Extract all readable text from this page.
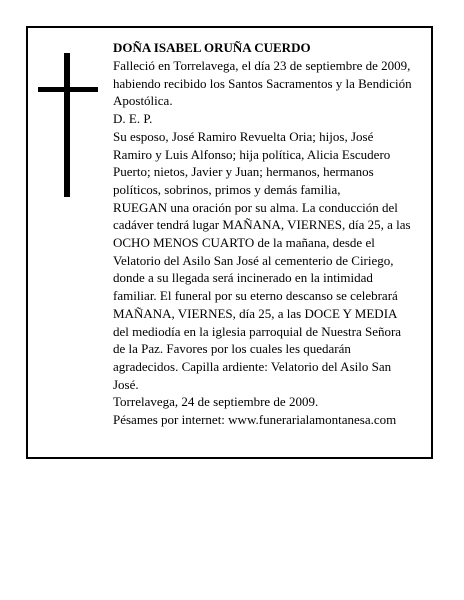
DOÑA ISABEL ORUÑA CUERDO

Falleció en Torrelavega, el día 23 de septiembre de 2009, habiendo recibido los Santos Sacramentos y la Bendición Apostólica.

D. E. P.

Su esposo, José Ramiro Revuelta Oria; hijos, José Ramiro y Luis Alfonso; hija política, Alicia Escudero Puerto; nietos, Javier y Juan; hermanos, hermanos políticos, sobrinos, primos y demás familia,

RUEGAN una oración por su alma. La conducción del cadáver tendrá lugar MAÑANA, VIERNES, día 25, a las OCHO MENOS CUARTO de la mañana, desde el Velatorio del Asilo San José al cementerio de Ciriego, donde a su llegada será incinerado en la intimidad familiar. El funeral por su eterno descanso se celebrará MAÑANA, VIERNES, día 25, a las DOCE Y MEDIA del mediodía en la iglesia parroquial de Nuestra Señora de la Paz. Favores por los cuales les quedarán agradecidos. Capilla ardiente: Velatorio del Asilo San José.

Torrelavega, 24 de septiembre de 2009.

Pésames por internet: www.funerarialamontanesa.com
